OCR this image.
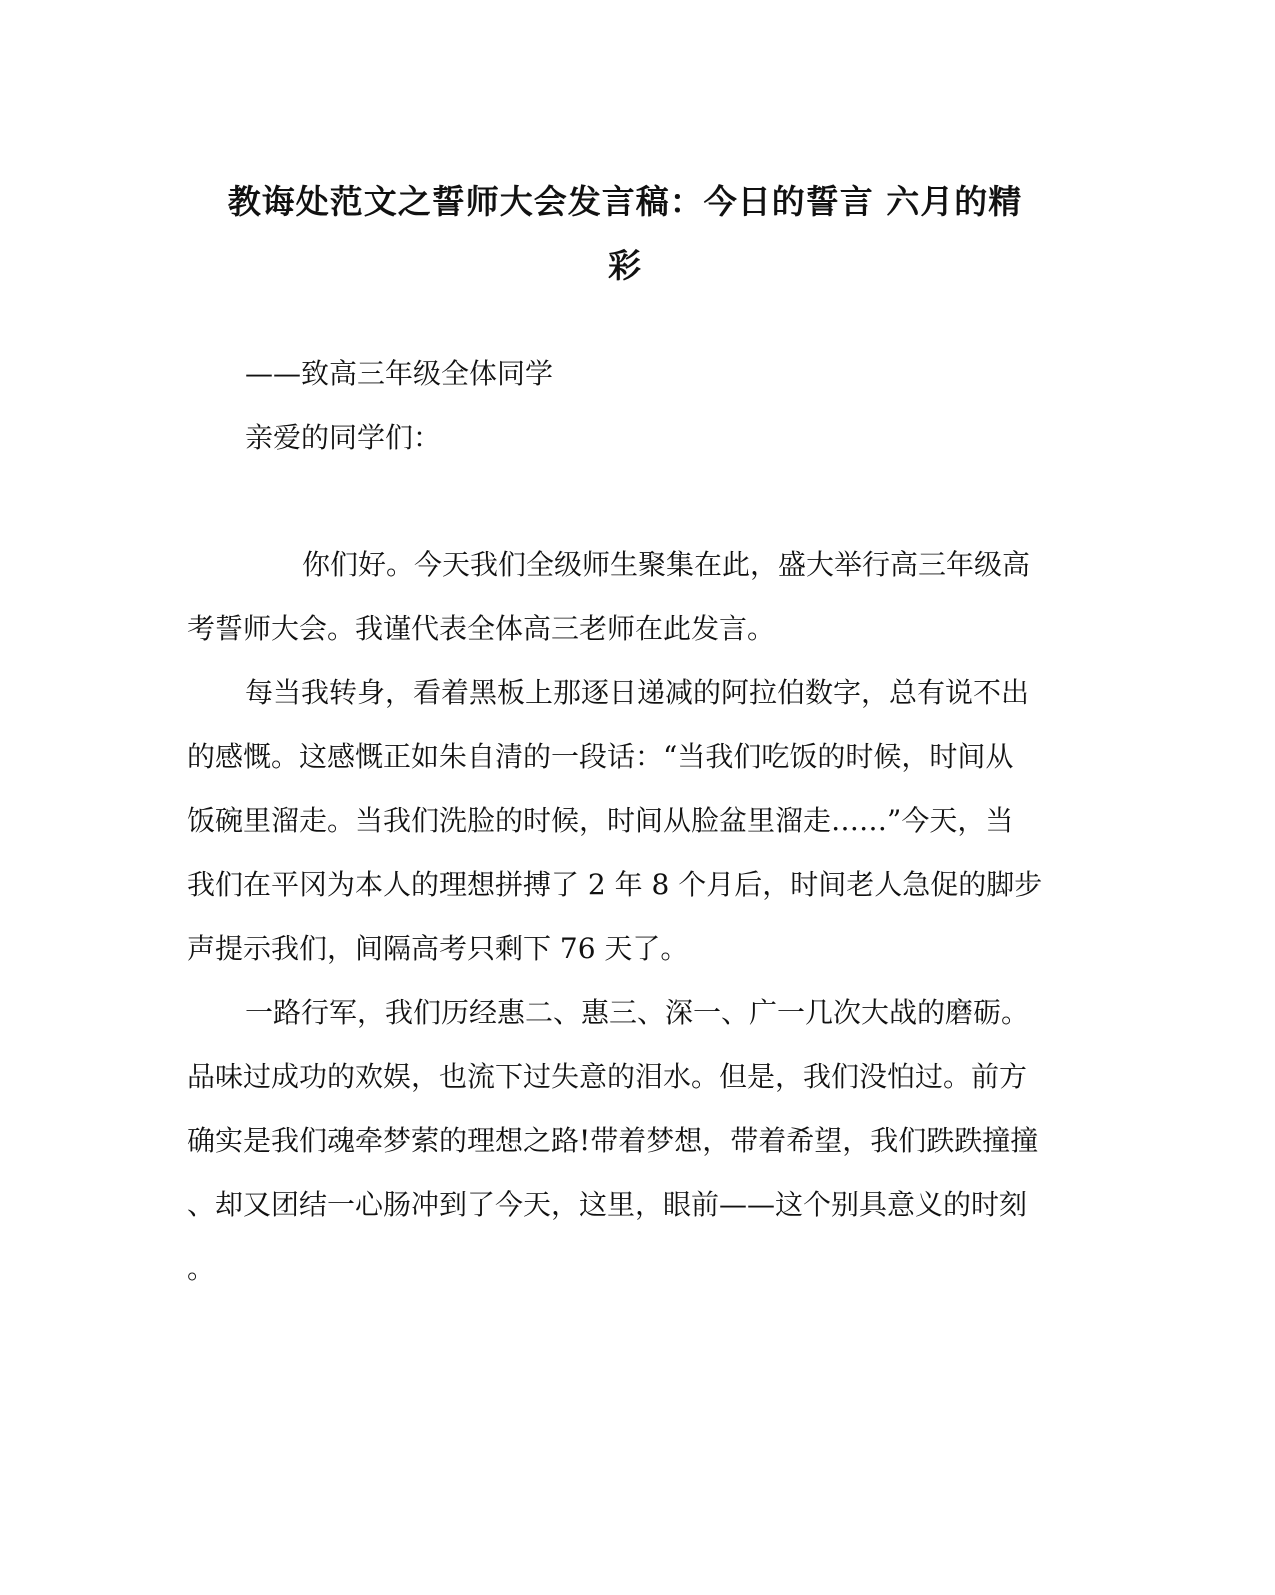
教诲处范文之誓师大会发言稿：今日的誓言 六月的精
彩

——致高三年级全体同学

亲爱的同学们：

你们好。今天我们全级师生聚集在此，盛大举行高三年级高

考誓师大会。我谨代表全体高三老师在此发言。

每当我转身，看着黑板上那逐日递减的阿拉伯数字，总有说不出

的感慨。这感慨正如朱自清的一段话：“当我们吃饭的时候，时间从

饭碗里溜走。当我们洗脸的时候，时间从脸盆里溜走……”今天，当

我们在平冈为本人的理想拼搏了 2 年 8 个月后，时间老人急促的脚步

声提示我们，间隔高考只剩下 76 天了。

一路行军，我们历经惠二、惠三、深一、广一几次大战的磨砺。

品味过成功的欢娱，也流下过失意的泪水。但是，我们没怕过。前方

确实是我们魂牵梦萦的理想之路!带着梦想，带着希望，我们跌跌撞撞

、却又团结一心肠冲到了今天，这里，眼前——这个别具意义的时刻

。
